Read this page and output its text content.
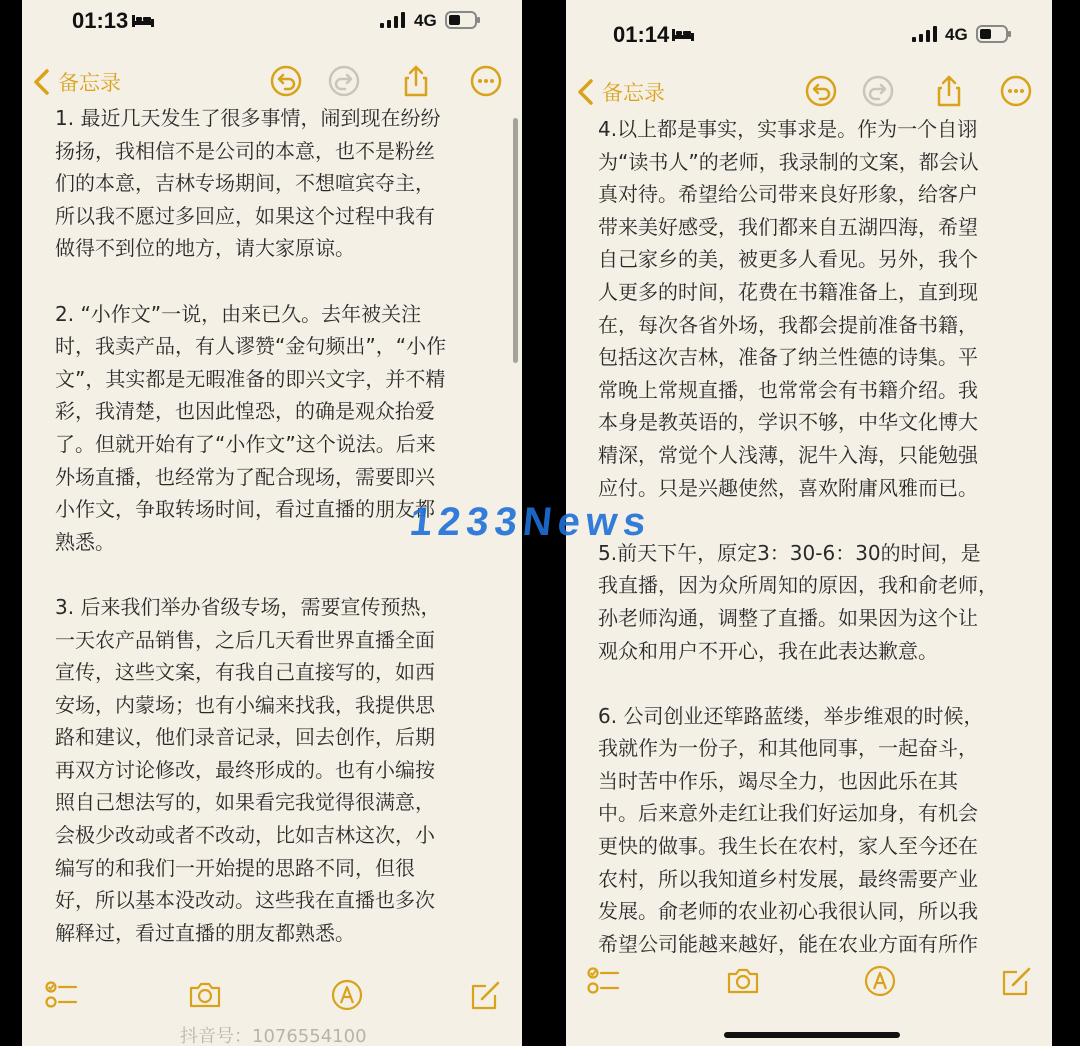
01:13	4G
备忘录
1. 最近几天发生了很多事情，闹到现在纷纷
扬扬，我相信不是公司的本意，也不是粉丝
们的本意，吉林专场期间，不想喧宾夺主，
所以我不愿过多回应，如果这个过程中我有
做得不到位的地方，请大家原谅。
2. “小作文”一说，由来已久。去年被关注
时，我卖产品，有人谬赞“金句频出”，“小作
文”，其实都是无暇准备的即兴文字，并不精
彩，我清楚，也因此惶恐，的确是观众抬爱
了。但就开始有了“小作文”这个说法。后来
外场直播，也经常为了配合现场，需要即兴
小作文，争取转场时间，看过直播的朋友都
熟悉。
3. 后来我们举办省级专场，需要宣传预热，
一天农产品销售，之后几天看世界直播全面
宣传，这些文案，有我自己直接写的，如西
安场，内蒙场；也有小编来找我，我提供思
路和建议，他们录音记录，回去创作，后期
再双方讨论修改，最终形成的。也有小编按
照自己想法写的，如果看完我觉得很满意，
会极少改动或者不改动，比如吉林这次，小
编写的和我们一开始提的思路不同，但很
好，所以基本没改动。这些我在直播也多次
解释过，看过直播的朋友都熟悉。
抖音号：1076554100
01:14	4G
备忘录
4.以上都是事实，实事求是。作为一个自诩
为“读书人”的老师，我录制的文案，都会认
真对待。希望给公司带来良好形象，给客户
带来美好感受，我们都来自五湖四海，希望
自己家乡的美，被更多人看见。另外，我个
人更多的时间，花费在书籍准备上，直到现
在，每次各省外场，我都会提前准备书籍，
包括这次吉林，准备了纳兰性德的诗集。平
常晚上常规直播，也常常会有书籍介绍。我
本身是教英语的，学识不够，中华文化博大
精深，常觉个人浅薄，泥牛入海，只能勉强
应付。只是兴趣使然，喜欢附庸风雅而已。
5.前天下午，原定3：30-6：30的时间，是
我直播，因为众所周知的原因，我和俞老师，
孙老师沟通，调整了直播。如果因为这个让
观众和用户不开心，我在此表达歉意。
6. 公司创业还筚路蓝缕，举步维艰的时候，
我就作为一份子，和其他同事，一起奋斗，
当时苦中作乐，竭尽全力，也因此乐在其
中。后来意外走红让我们好运加身，有机会
更快的做事。我生长在农村，家人至今还在
农村，所以我知道乡村发展，最终需要产业
发展。俞老师的农业初心我很认同，所以我
希望公司能越来越好，能在农业方面有所作
1233News
